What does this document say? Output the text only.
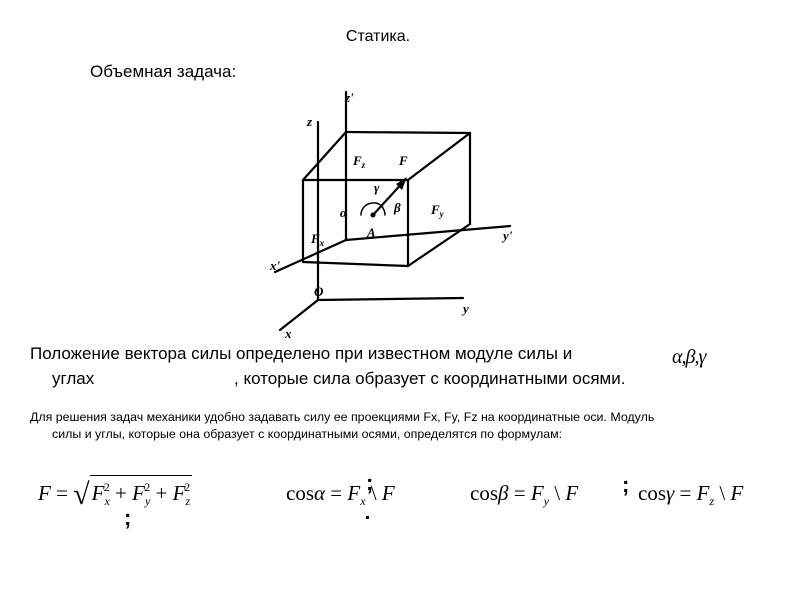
Статика.
Объемная задача:
z
z'
F
$F_y$
$F_z$
$F_x$
A
α	β
γ
y'
x'
O
y
x
Положение вектора силы определено при известном модуле силы и
углах	, которые сила образует с координатными осями.
α,β,γ
Для решения задач механики удобно задавать силу ее проекциями Fx, Fy, Fz на координатные оси. Модуль
силы и углы, которые она образует с координатными осями, определятся по формулам:
$F = √F_x^2 + F_y^2 + F_z^2$
;
$\cos\alpha = F_x$ \ F
;	$\cos\beta = F_y$ \ F ; $\cos\gamma = F_z$ \ F
